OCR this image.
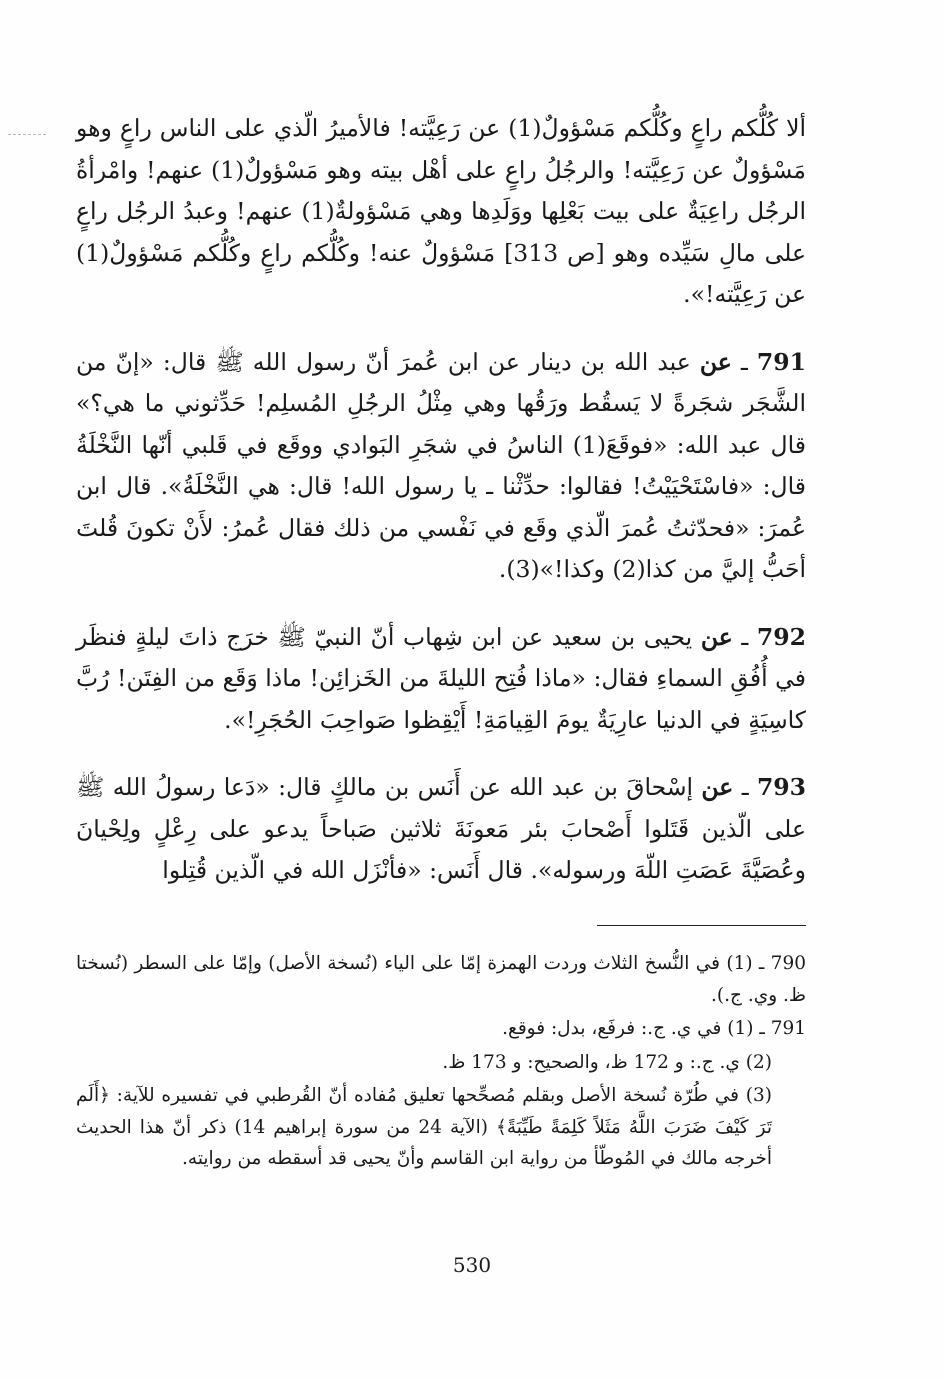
ألا كُلُّكم راعٍ وكُلُّكم مَسْؤولٌ(1) عن رَعِيَّته! فالأميرُ الّذي على الناس راعٍ وهو مَسْؤولٌ عن رَعِيَّته! والرجُلُ راعٍ على أهْل بيته وهو مَسْؤولٌ(1) عنهم! وامْرأةُ الرجُل راعِيَةٌ على بيت بَعْلِها ووَلَدِها وهي مَسْؤولةٌ(1) عنهم! وعبدُ الرجُل راعٍ على مالِ سَيِّده وهو [ص 313] مَسْؤولٌ عنه! وكُلُّكم راعٍ وكُلُّكم مَسْؤولٌ(1) عن رَعِيَّته!».

791 ـ عن عبد الله بن دينار عن ابن عُمرَ أنّ رسول الله ﷺ قال: «إنّ من الشَّجَر شجَرةً لا يَسقُط ورَقُها وهي مِثْلُ الرجُلِ المُسلِم! حَدِّثوني ما هي؟» قال عبد الله: «فوقَعَ(1) الناسُ في شجَرِ البَوادي ووقَع في قَلبي أنّها النَّخْلَةُ قال: «فاسْتَحْيَيْتُ! فقالوا: حدِّثْنا ـ يا رسول الله! قال: هي النَّخْلَةُ». قال ابن عُمرَ: «فحدّثتُ عُمرَ الّذي وقَع في نَفْسي من ذلك فقال عُمرُ: لأَنْ تكونَ قُلتَ أحَبُّ إليَّ من كذا(2) وكذا!»(3).

792 ـ عن يحيى بن سعيد عن ابن شِهاب أنّ النبيّ ﷺ خرَج ذاتَ ليلةٍ فنظَر في أُفُقِ السماءِ فقال: «ماذا فُتِح الليلةَ من الخَزائِن! ماذا وَقَع من الفِتَن! رُبَّ كاسِيَةٍ في الدنيا عارِيَةٌ يومَ القِيامَةِ! أَيْقِظوا صَواحِبَ الحُجَرِ!».

793 ـ عن إسْحاقَ بن عبد الله عن أَنَس بن مالكٍ قال: «دَعا رسولُ الله ﷺ على الّذين قَتَلوا أَصْحابَ بئر مَعونَةَ ثلاثين صَباحاً يدعو على رِعْلٍ ولِحْيانَ وعُصَيَّةَ عَصَتِ اللّهَ ورسوله». قال أَنَس: «فأنْزَل الله في الّذين قُتِلوا

790 ـ (1) في النُّسخ الثلاث وردت الهمزة إمّا على الياء (نُسخة الأصل) وإمّا على السطر (نُسختا ظ. وي. ج.).

791 ـ (1) في ي. ج.: فرفَع، بدل: فوقع.

(2) ي. ج.: و 172 ظ، والصحيح: و 173 ظ.

(3) في طُرّة نُسخة الأصل وبقلم مُصحِّحها تعليق مُفاده أنّ القُرطبي في تفسيره للآية: ﴿أَلَم تَرَ كَيْفَ ضَرَبَ اللَّهُ مَثَلاً كَلِمَةً طَيِّبَةً﴾ (الآية 24 من سورة إبراهيم 14) ذكر أنّ هذا الحديث أخرجه مالك في المُوطّأ من رواية ابن القاسم وأنّ يحيى قد أسقطه من روايته.

530
